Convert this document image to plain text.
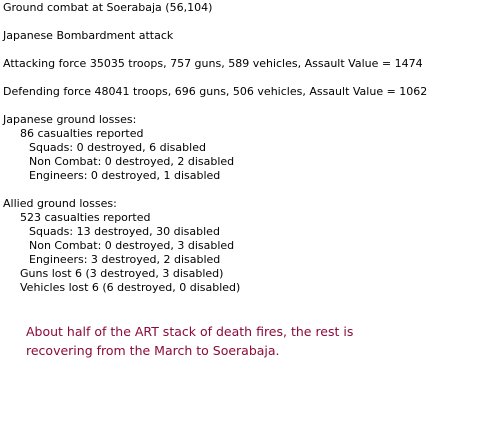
Ground combat at Soerabaja (56,104)
Japanese Bombardment attack
Attacking force 35035 troops, 757 guns, 589 vehicles, Assault Value = 1474
Defending force 48041 troops, 696 guns, 506 vehicles, Assault Value = 1062
Japanese ground losses:
86 casualties reported
Squads: 0 destroyed, 6 disabled
Non Combat: 0 destroyed, 2 disabled
Engineers: 0 destroyed, 1 disabled
Allied ground losses:
523 casualties reported
Squads: 13 destroyed, 30 disabled
Non Combat: 0 destroyed, 3 disabled
Engineers: 3 destroyed, 2 disabled
Guns lost 6 (3 destroyed, 3 disabled)
Vehicles lost 6 (6 destroyed, 0 disabled)
About half of the ART stack of death fires, the rest is
recovering from the March to Soerabaja.
